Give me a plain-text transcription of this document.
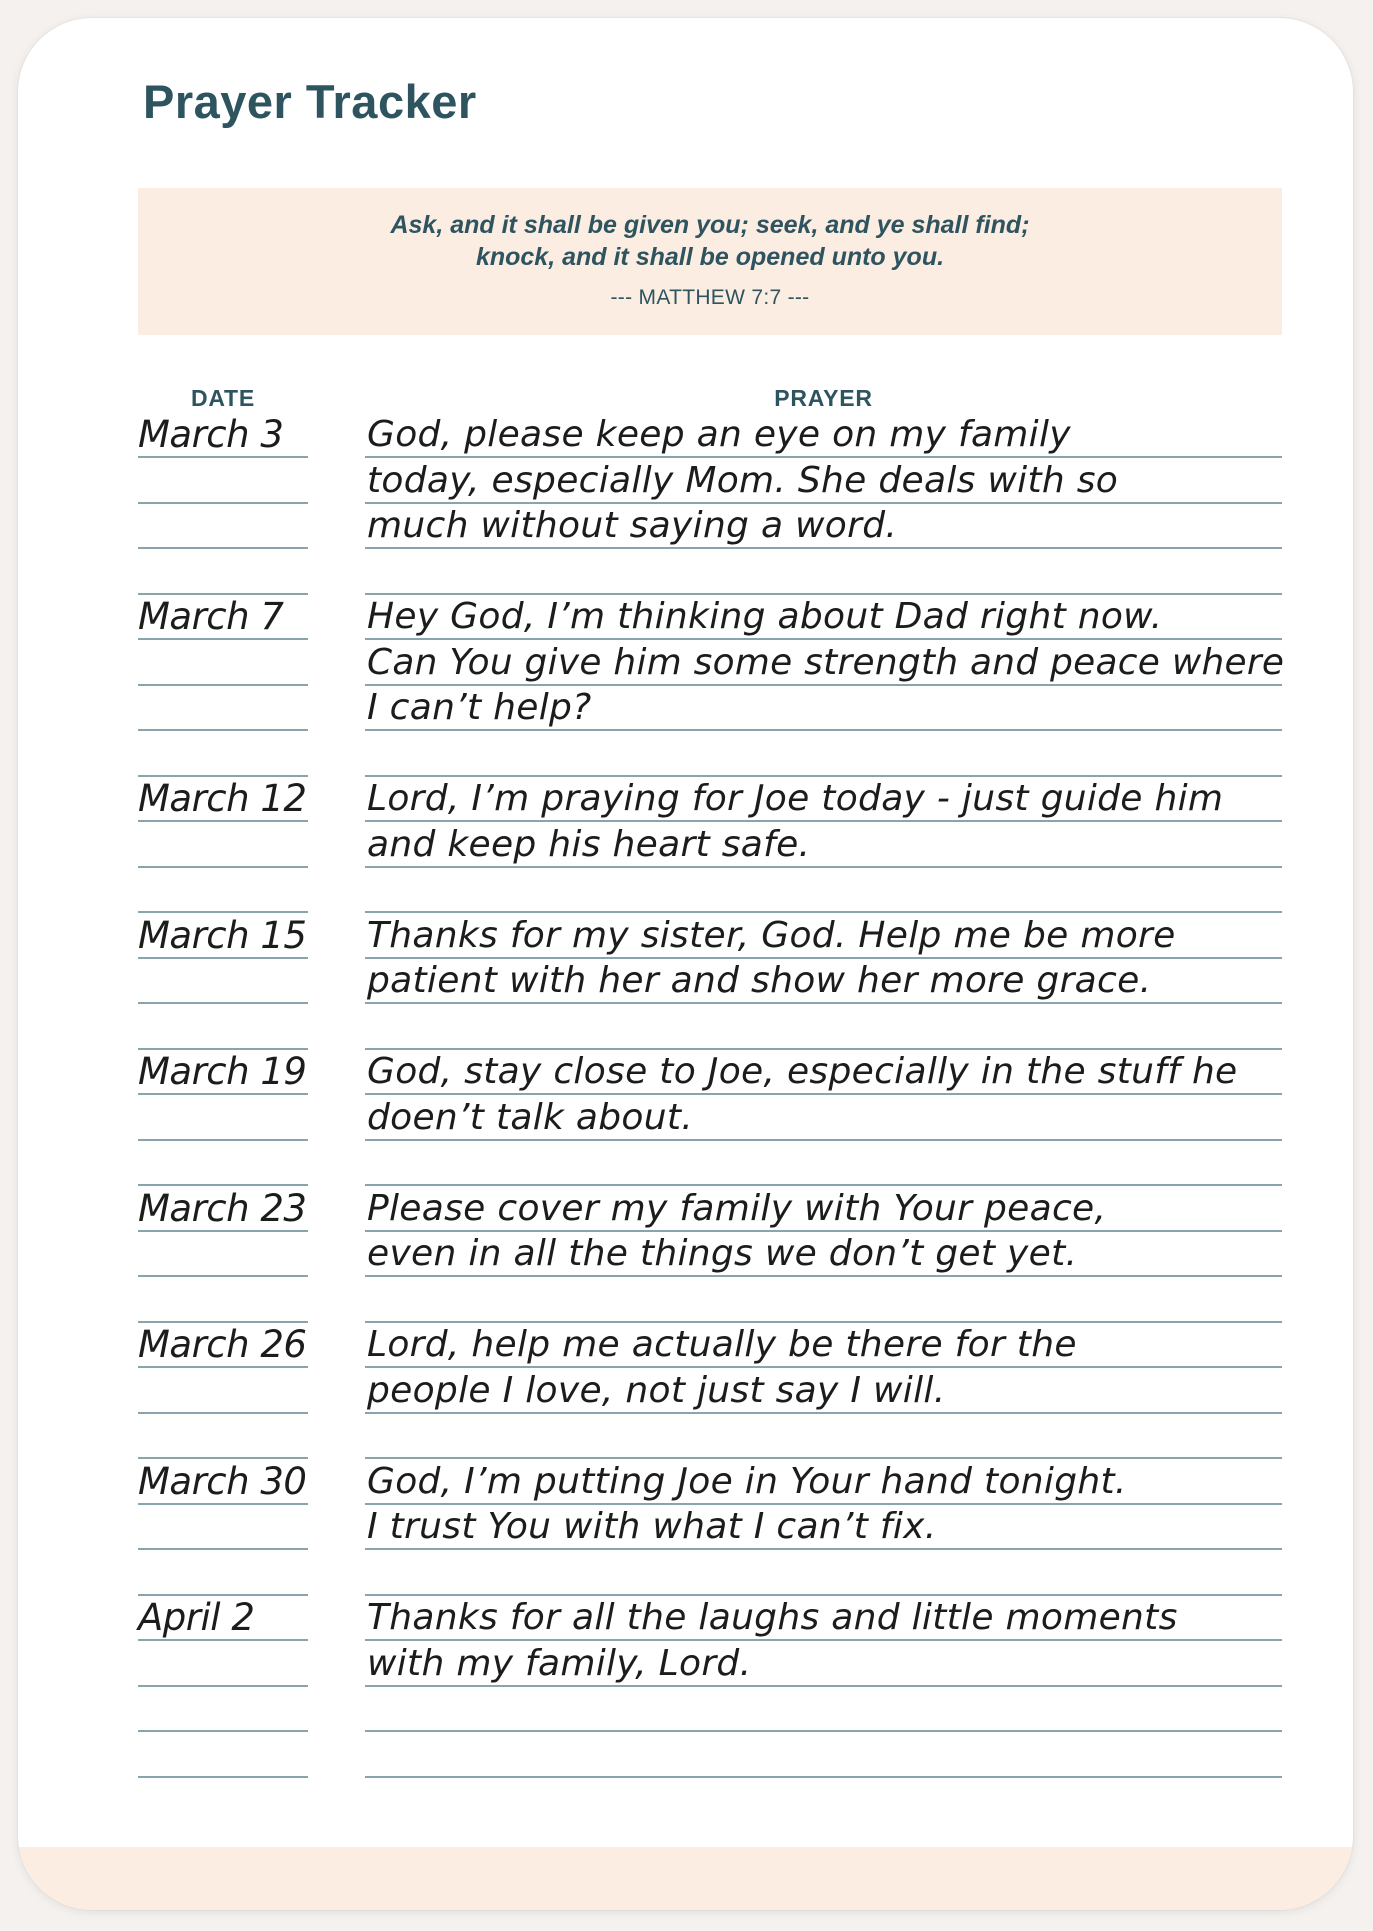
Prayer Tracker
Ask, and it shall be given you; seek, and ye shall find;
knock, and it shall be opened unto you.
--- MATTHEW 7:7 ---
DATE	PRAYER
March 3 God, please keep an eye on my family
today, especially Mom. She deals with so
much without saying a word.
March 7 Hey God, I’m thinking about Dad right now.
Can You give him some strength and peace where
I can’t help?
March 12 Lord, I’m praying for Joe today - just guide him
and keep his heart safe.
March 15 Thanks for my sister, God. Help me be more
patient with her and show her more grace.
March 19 God, stay close to Joe, especially in the stuff he
doen’t talk about.
March 23 Please cover my family with Your peace,
even in all the things we don’t get yet.
March 26 Lord, help me actually be there for the
people I love, not just say I will.
March 30 God, I’m putting Joe in Your hand tonight.
I trust You with what I can’t fix.
April 2	Thanks for all the laughs and little moments
with my family, Lord.
